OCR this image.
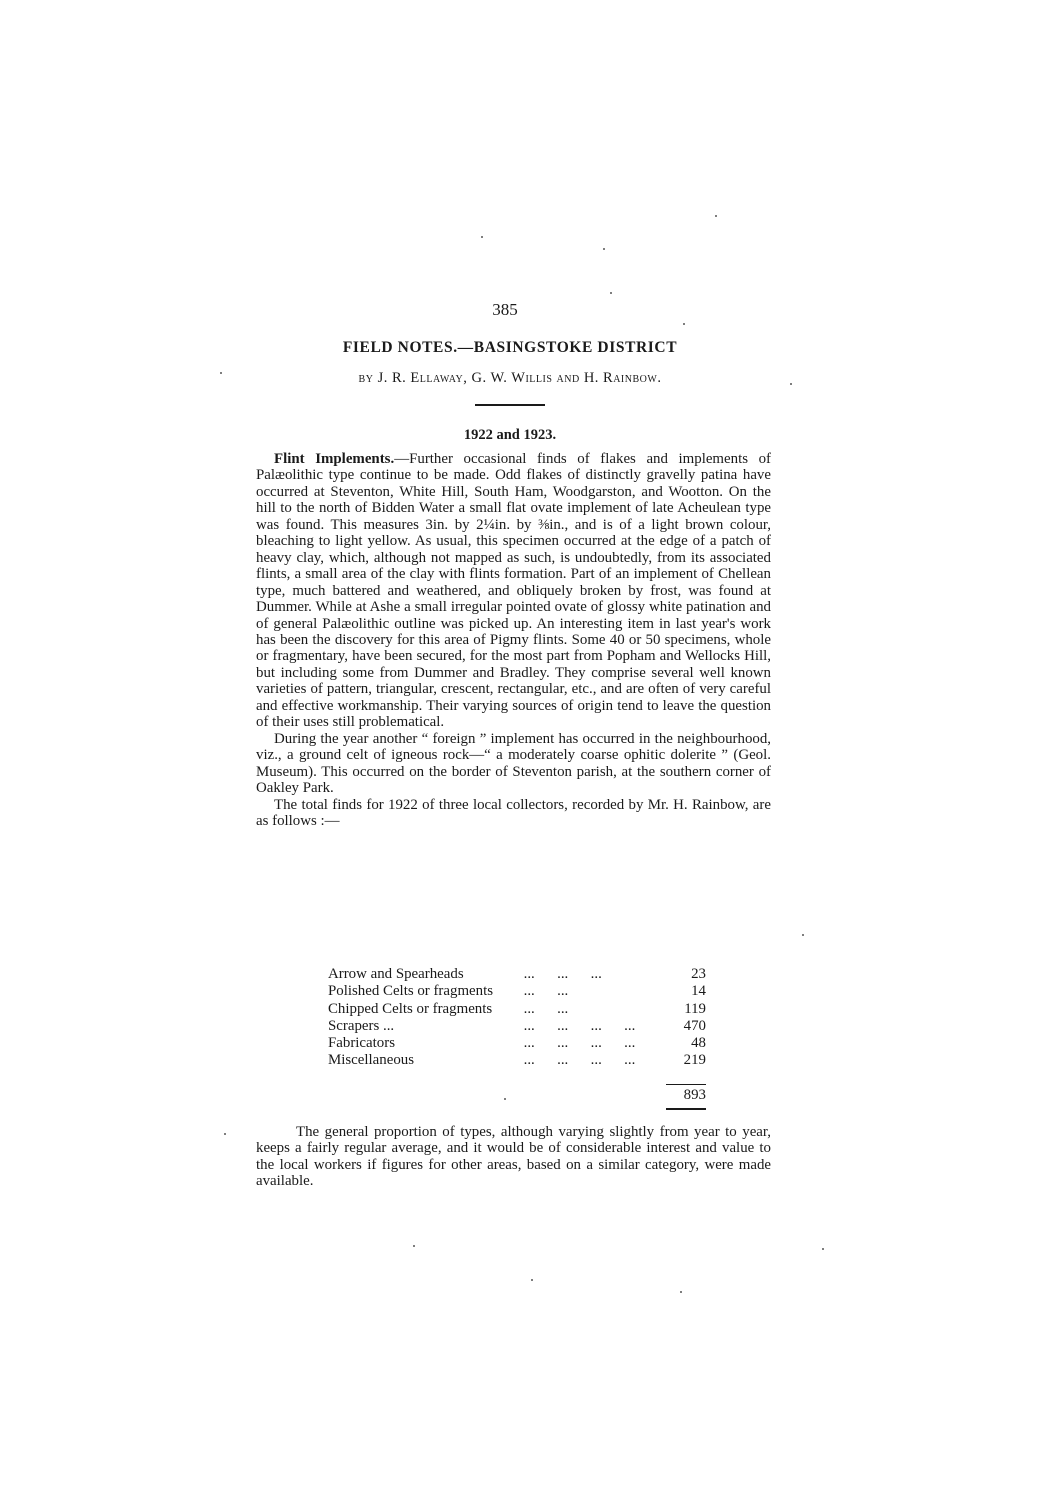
385
FIELD NOTES.—BASINGSTOKE DISTRICT
by J. R. Ellaway, G. W. Willis and H. Rainbow.
1922 and 1923.

Flint Implements.—Further occasional finds of flakes and implements of Palæolithic type continue to be made. Odd flakes of distinctly gravelly patina have occurred at Steventon, White Hill, South Ham, Woodgarston, and Wootton. On the hill to the north of Bidden Water a small flat ovate implement of late Acheulean type was found. This measures 3in. by 2¼in. by ⅜in., and is of a light brown colour, bleaching to light yellow. As usual, this specimen occurred at the edge of a patch of heavy clay, which, although not mapped as such, is undoubtedly, from its associated flints, a small area of the clay with flints formation. Part of an implement of Chellean type, much battered and weathered, and obliquely broken by frost, was found at Dummer. While at Ashe a small irregular pointed ovate of glossy white patination and of general Palæolithic outline was picked up. An interesting item in last year's work has been the discovery for this area of Pigmy flints. Some 40 or 50 specimens, whole or fragmentary, have been secured, for the most part from Popham and Wellocks Hill, but including some from Dummer and Bradley. They comprise several well known varieties of pattern, triangular, crescent, rectangular, etc., and are often of very careful and effective workmanship. Their varying sources of origin tend to leave the question of their uses still problematical.

During the year another “ foreign ” implement has occurred in the neighbourhood, viz., a ground celt of igneous rock—“ a moderately coarse ophitic dolerite ” (Geol. Museum). This occurred on the border of Steventon parish, at the southern corner of Oakley Park.

The total finds for 1922 of three local collectors, recorded by Mr. H. Rainbow, are as follows :—

Arrow and Spearheads	...      ...      ...	23
Polished Celts or fragments	...      ...	14
Chipped Celts or fragments	...      ...	119
Scrapers ...	...      ...      ...      ...	470
Fabricators	...      ...      ...      ...	48
Miscellaneous	...      ...      ...      ...	219
893

The general proportion of types, although varying slightly from year to year, keeps a fairly regular average, and it would be of considerable interest and value to the local workers if figures for other areas, based on a similar category, were made available.
